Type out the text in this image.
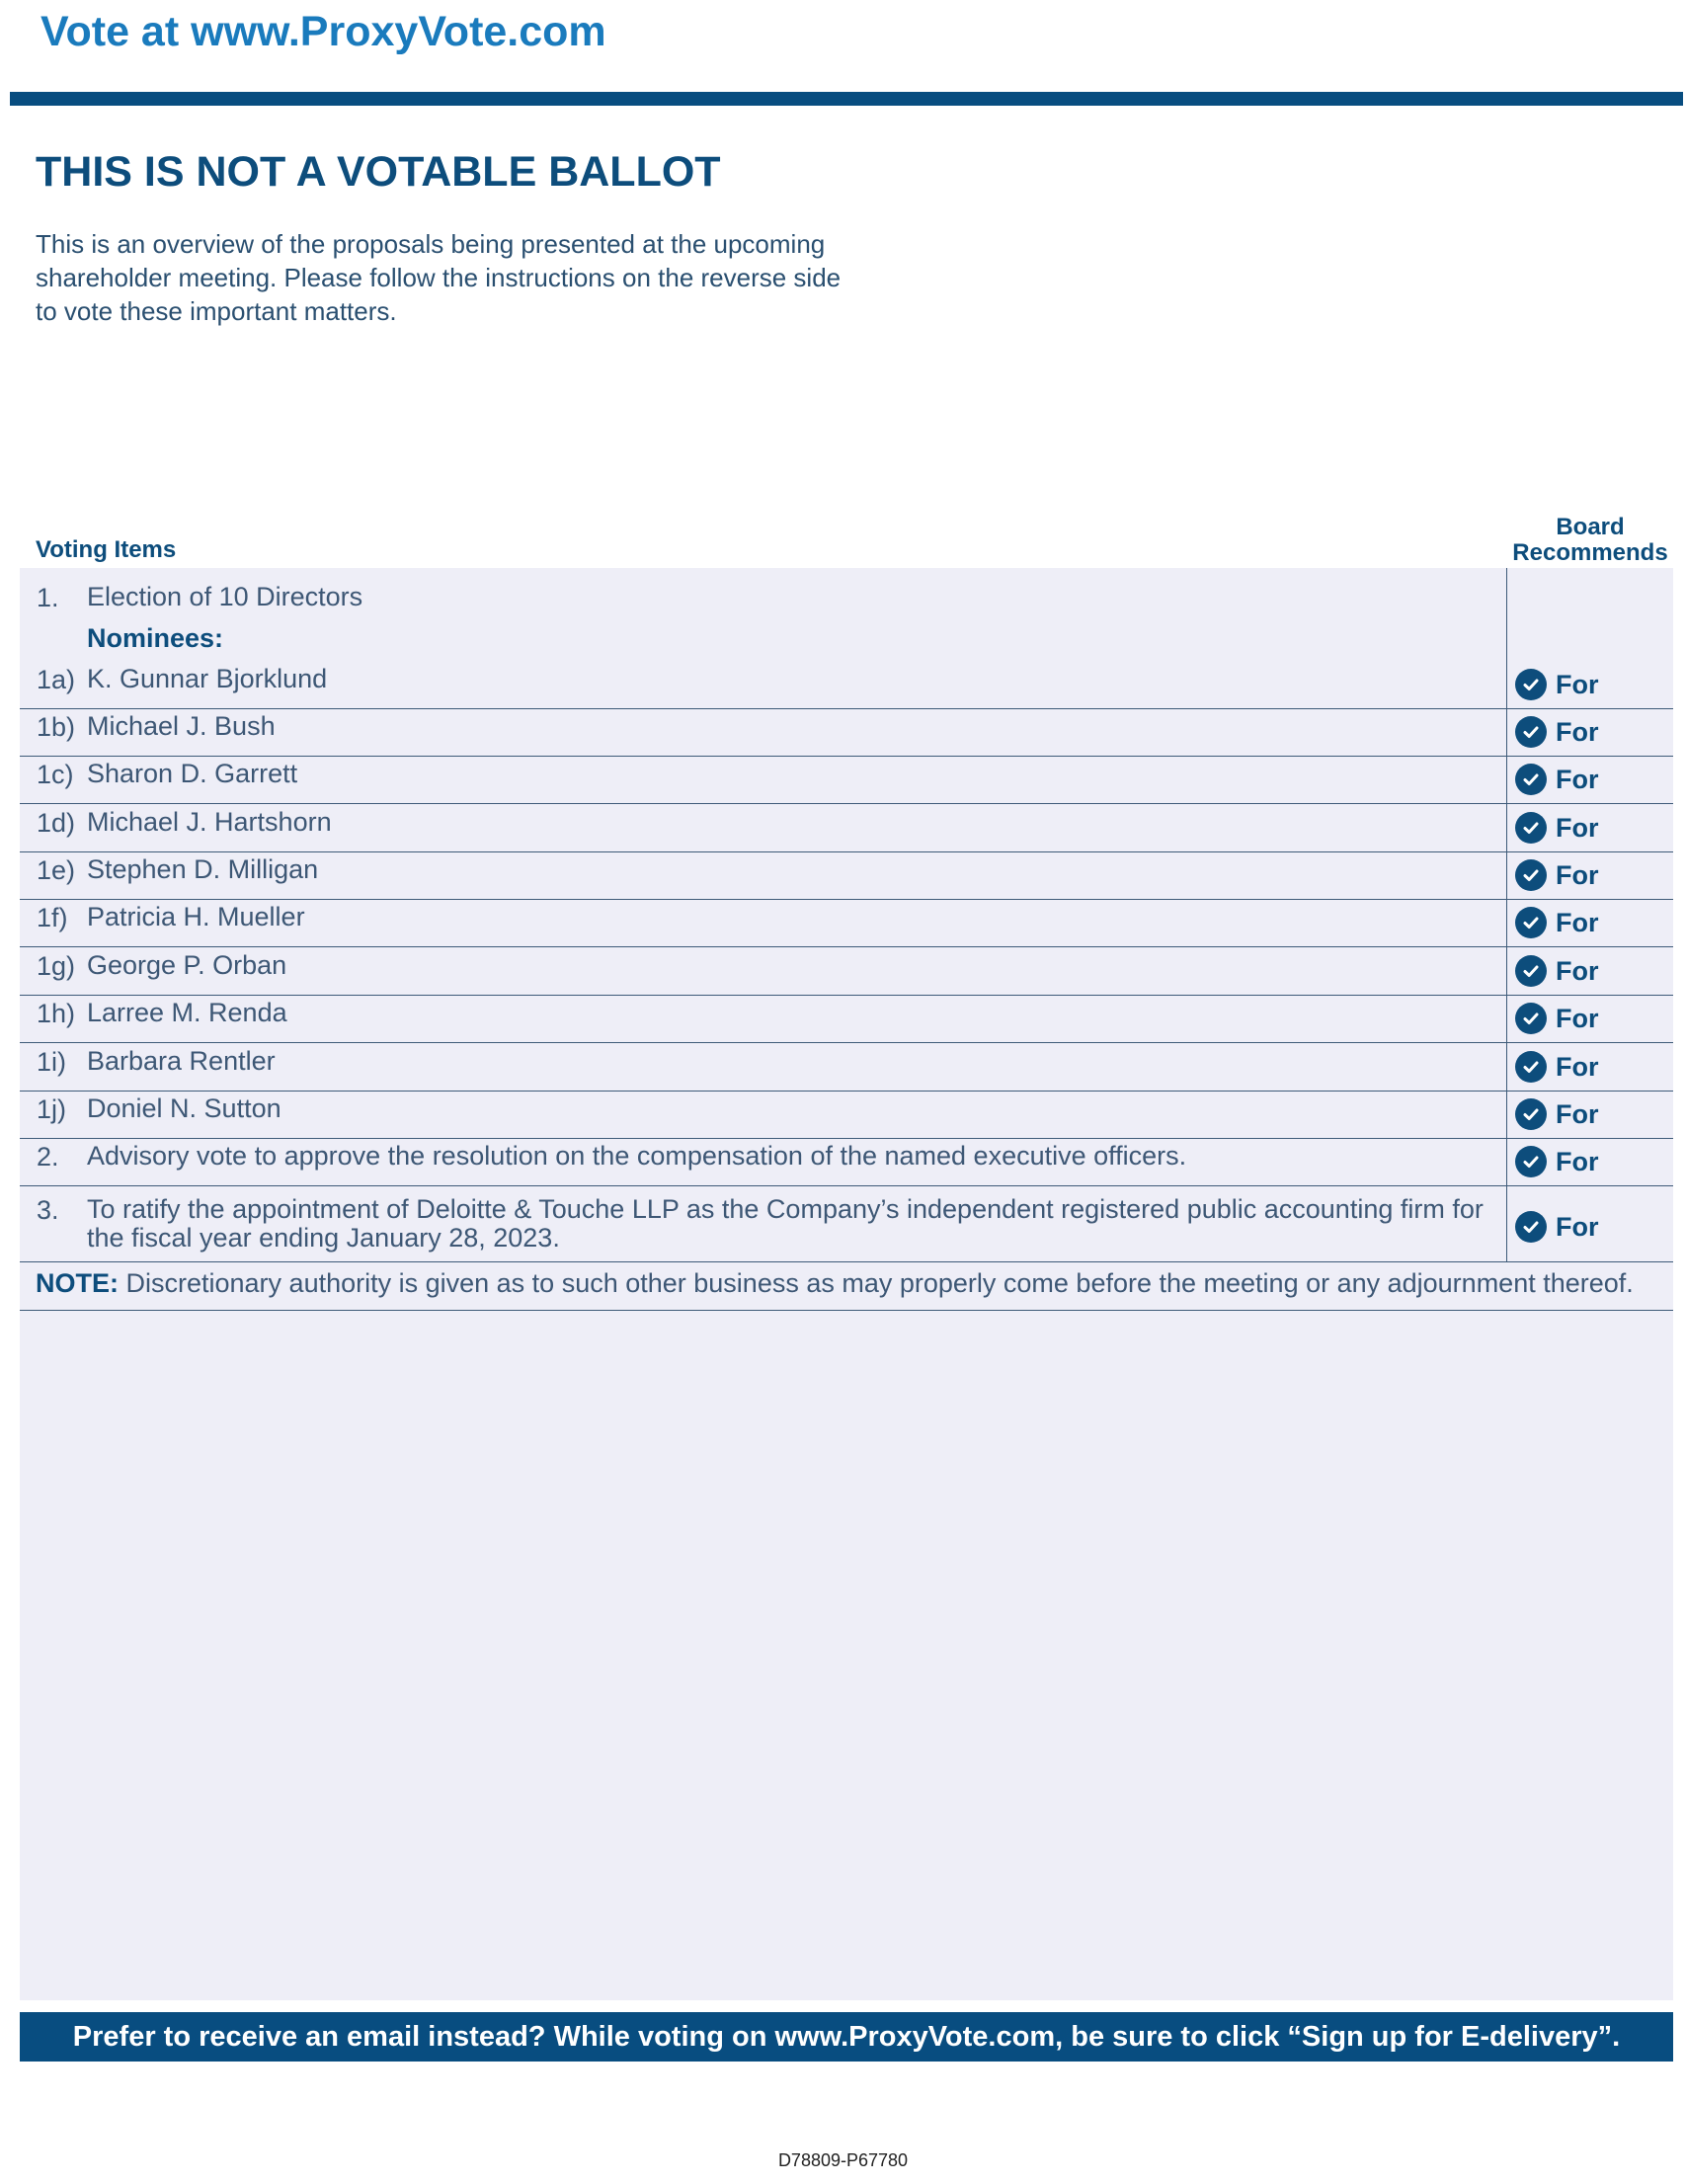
Vote at www.ProxyVote.com
THIS IS NOT A VOTABLE BALLOT
This is an overview of the proposals being presented at the upcoming shareholder meeting. Please follow the instructions on the reverse side to vote these important matters.
Voting Items
Board
Recommends
1. Election of 10 Directors
Nominees:
1a) K. Gunnar Bjorklund	For
1b) Michael J. Bush	For
1c) Sharon D. Garrett	For
1d) Michael J. Hartshorn	For
1e) Stephen D. Milligan	For
1f) Patricia H. Mueller	For
1g) George P. Orban	For
1h) Larree M. Renda	For
1i) Barbara Rentler	For
1j) Doniel N. Sutton	For
2. Advisory vote to approve the resolution on the compensation of the named executive officers.	For
3. To ratify the appointment of Deloitte & Touche LLP as the Company’s independent registered public accounting firm for
the fiscal year ending January 28, 2023.	For
NOTE: Discretionary authority is given as to such other business as may properly come before the meeting or any adjournment thereof.
Prefer to receive an email instead? While voting on www.ProxyVote.com, be sure to click “Sign up for E-delivery”.
D78809-P67780
